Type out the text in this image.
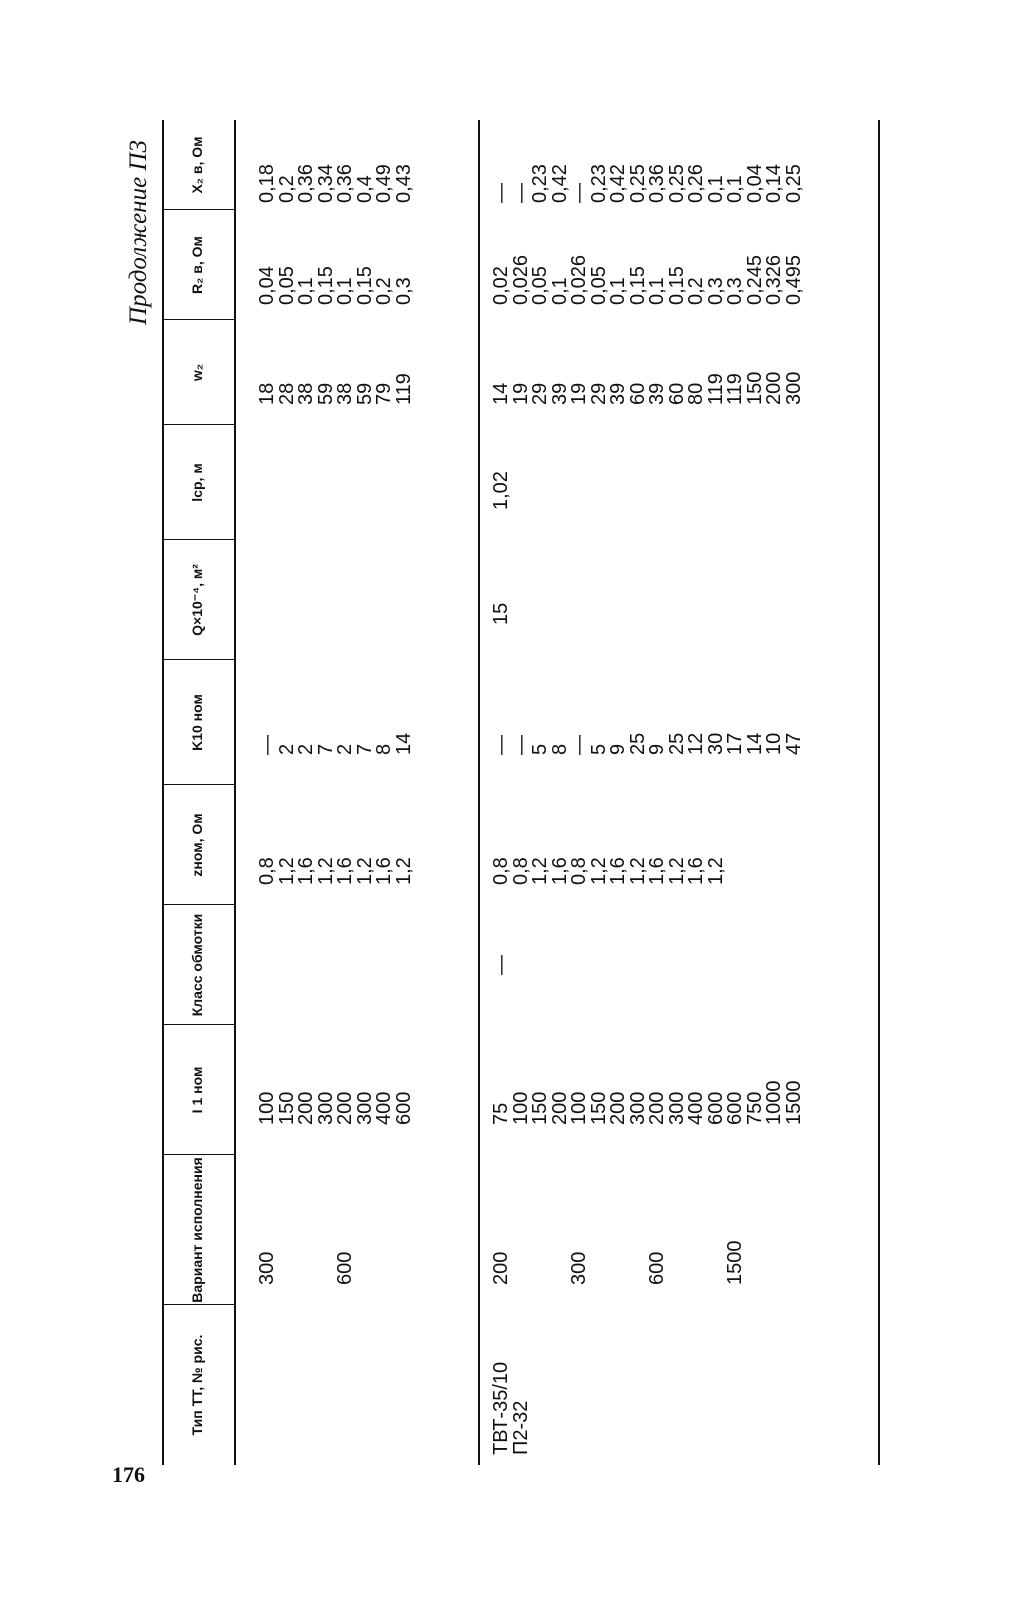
176
Продолжение П3
Тип ТТ, № рис.
Вариант исполнения
I 1 ном
Класс обмотки
zном, Ом
K10 ном
Q×10⁻⁴, м²
lср, м
w₂
R₂ в, Ом
X₂ в, Ом
300

600
100
150
200
300
200
300
400
600
0,8
1,2
1,6
1,2
1,6
1,2
1,6
1,2
—
2
2
7
2
7
8
14
18
28
38
59
38
59
79
119
0,04
0,05
0,1
0,15
0,1
0,15
0,2
0,3
0,18
0,2
0,36
0,34
0,36
0,4
0,49
0,43
ТВТ-35/10
П2-32
200

300

600

1500
75
100
150
200
100
150
200
300
200
300
400
600
600
750
1000
1500
—
0,8
0,8
1,2
1,6
0,8
1,2
1,6
1,2
1,6
1,2
1,6
1,2
—
—
5
8
—
5
9
25
9
25
12
30
17
14
10
47
15
1,02
14
19
29
39
19
29
39
60
39
60
80
119
119
150
200
300
0,02
0,026
0,05
0,1
0,026
0,05
0,1
0,15
0,1
0,15
0,2
0,3
0,3
0,245
0,326
0,495
—
—
0,23
0,42
—
0,23
0,42
0,25
0,36
0,25
0,26
0,1
0,1
0,04
0,14
0,25
